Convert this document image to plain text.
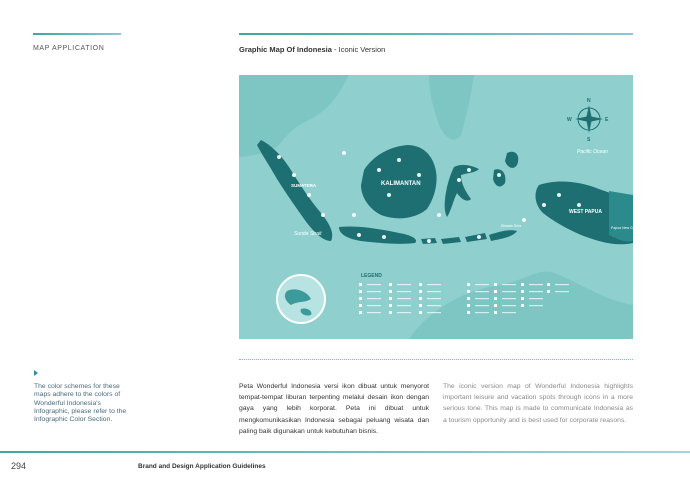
MAP APPLICATION	Graphic Map Of Indonesia - Iconic Version
KALIMANTAN
SUMATERA
WEST PAPUA
Papua New Guinea
Pacific Ocean
Sunda Strait
Banda Sea
N
S
E
W
LEGEND
The color schemes for these maps adhere to the colors of Wonderful Indonesia's Infographic, please refer to the Infographic Color Section.
Peta Wonderful Indonesia versi ikon dibuat untuk menyorot tempat-tempat liburan terpenting melalui desain ikon dengan gaya yang lebih korporat. Peta ini dibuat untuk mengkomunikasikan Indonesia sebagai peluang wisata dan paling baik digunakan untuk kebutuhan bisnis.
The iconic version map of Wonderful Indonesia highlights important leisure and vacation spots through icons in a more serious tone. This map is made to communicate Indonesia as a tourism opportunity and is best used for corporate reasons.
294	Brand and Design Application Guidelines
